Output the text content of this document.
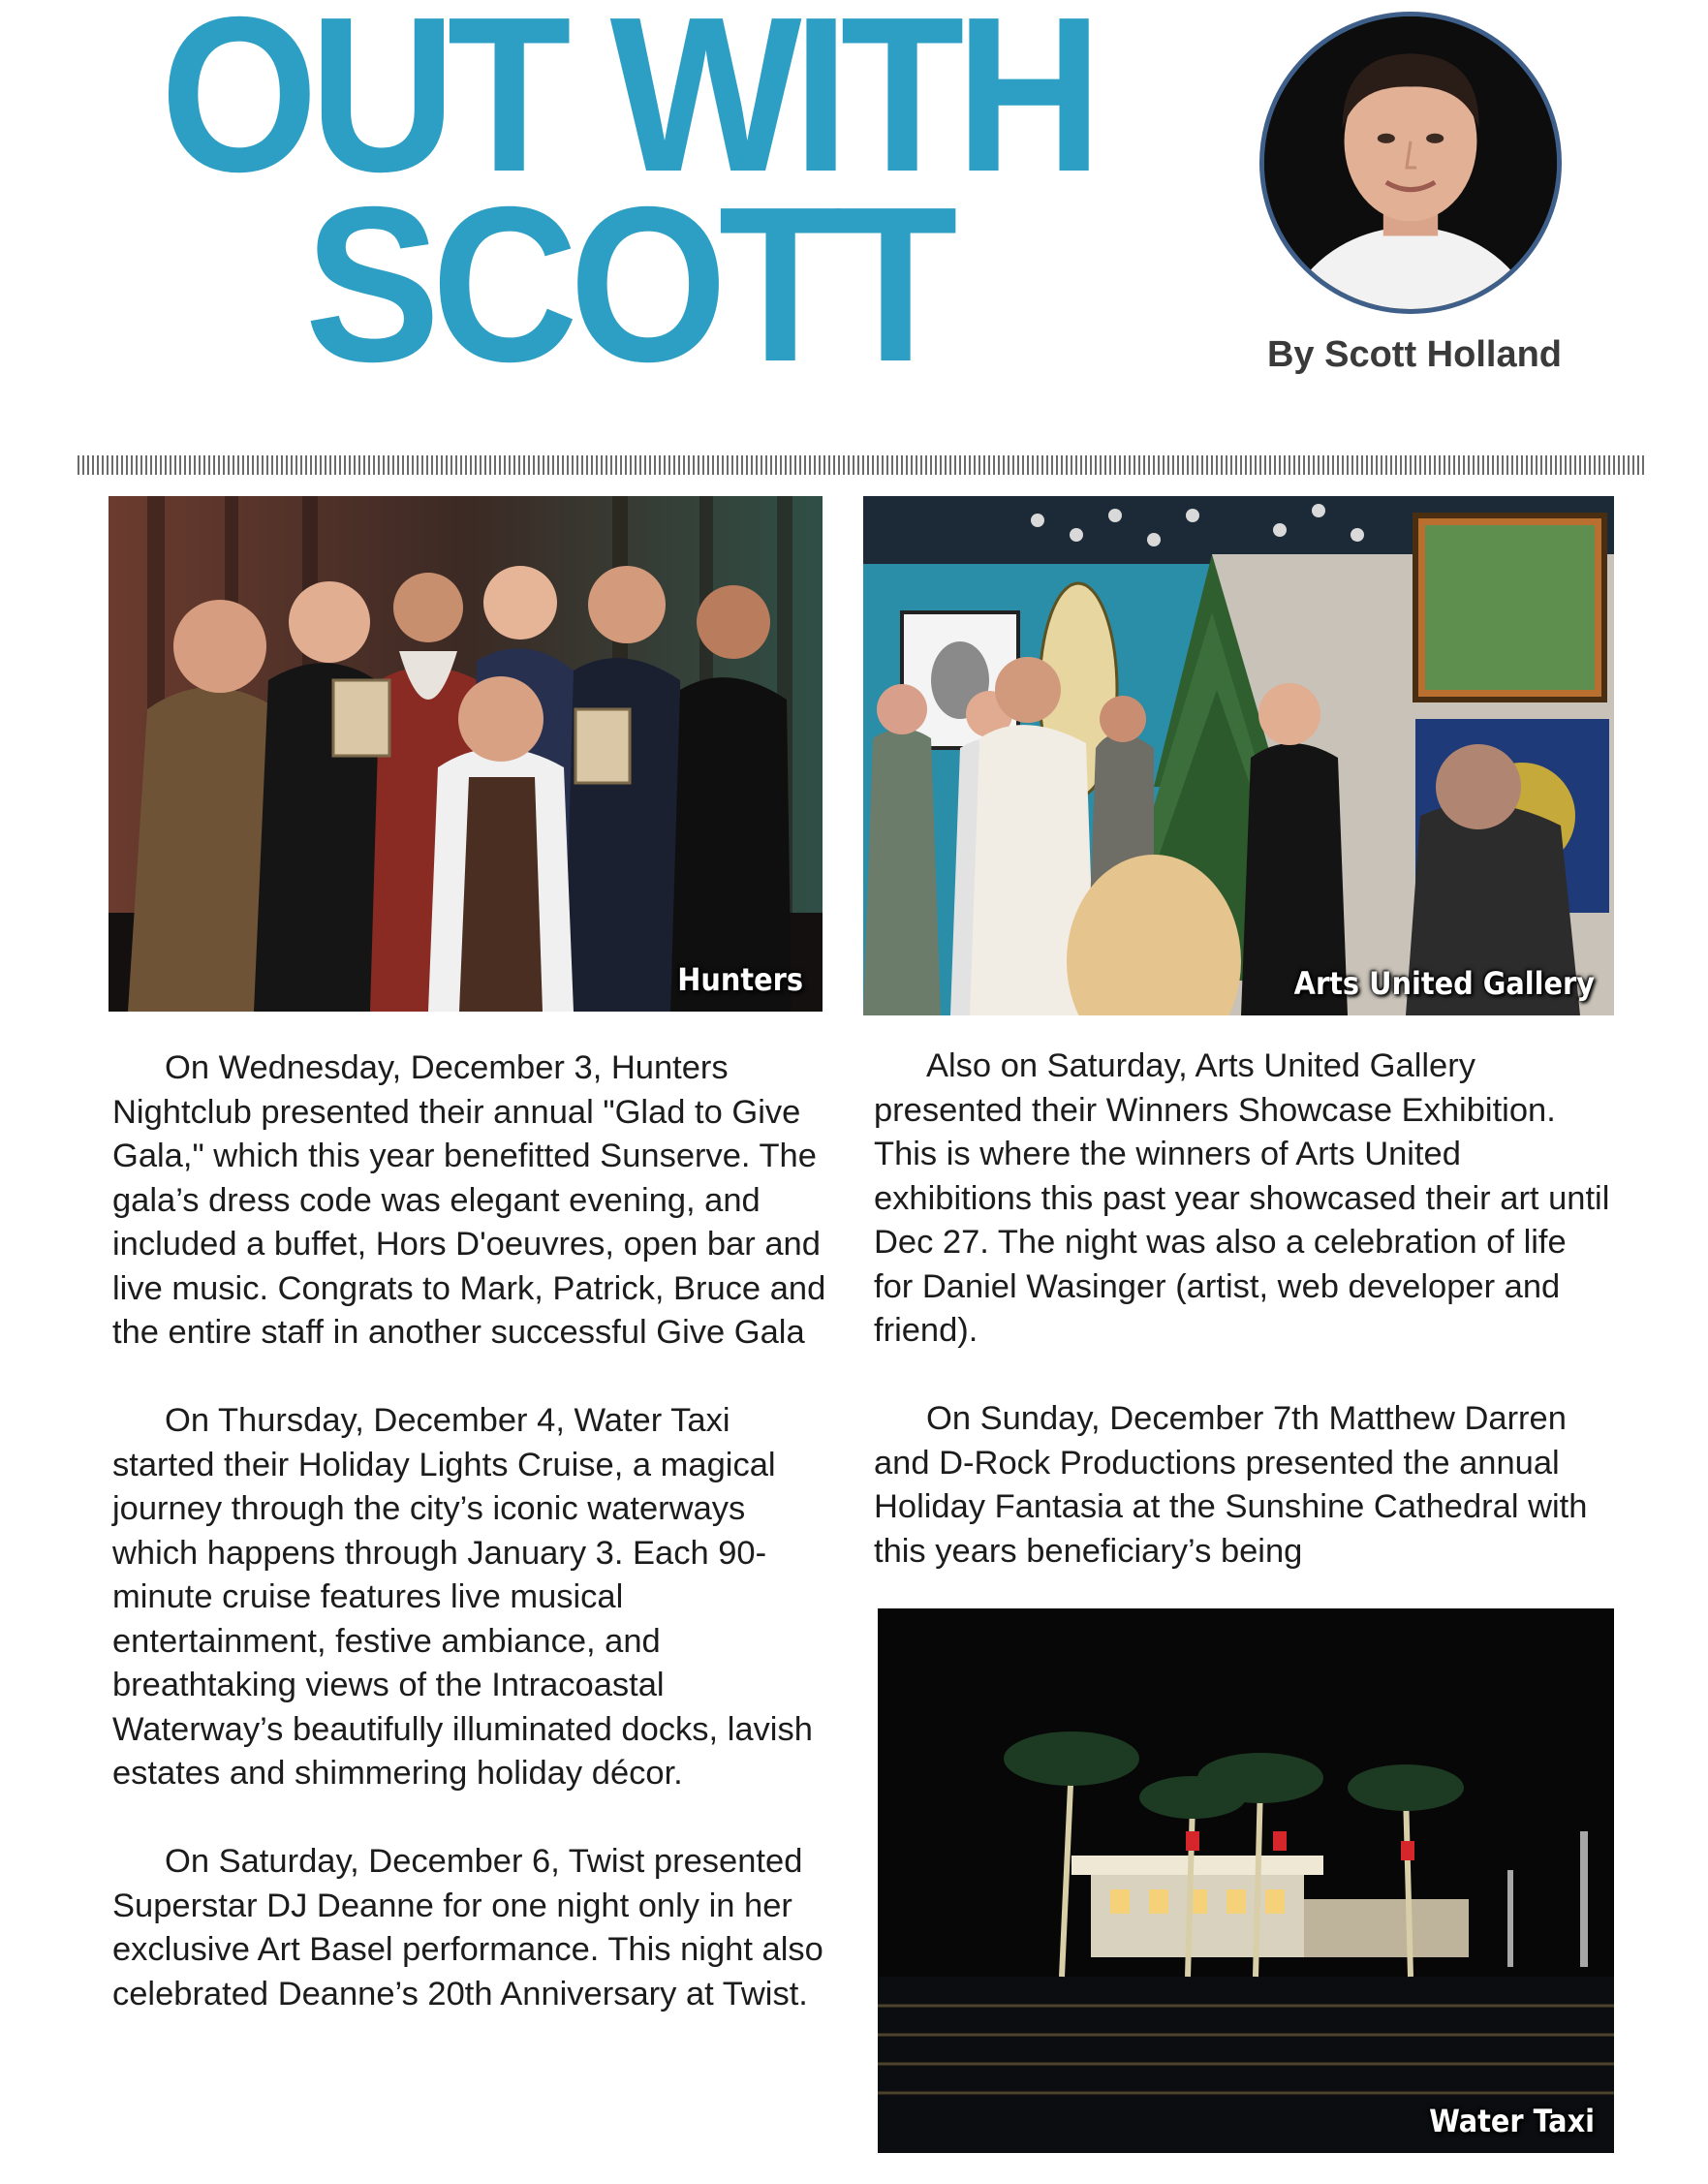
OUT WITH
SCOTT	By Scott Holland
Hunters	Arts United Gallery
Water Taxi

On Wednesday, December 3, Hunters Nightclub presented their annual "Glad to Give Gala," which this year benefitted Sunserve. The gala’s dress code was elegant evening, and included a buffet, Hors D'oeuvres, open bar and live music. Congrats to Mark, Patrick, Bruce and the entire staff in another successful Give Gala

On Thursday, December 4, Water Taxi started their Holiday Lights Cruise, a magical journey through the city’s iconic waterways which happens through January 3. Each 90-minute cruise features live musical entertainment, festive ambiance, and breathtaking views of the Intracoastal Waterway’s beautifully illuminated docks, lavish estates and shimmering holiday décor.

On Saturday, December 6, Twist presented Superstar DJ Deanne for one night only in her exclusive Art Basel performance. This night also celebrated Deanne’s 20th Anniversary at Twist.

Also on Saturday, Arts United Gallery presented their Winners Showcase Exhibition. This is where the winners of Arts United exhibitions this past year showcased their art until Dec 27. The night was also a celebration of life for Daniel Wasinger (artist, web developer and friend).

On Sunday, December 7th Matthew Darren and D-Rock Productions presented the annual Holiday Fantasia at the Sunshine Cathedral with this years beneficiary’s being
